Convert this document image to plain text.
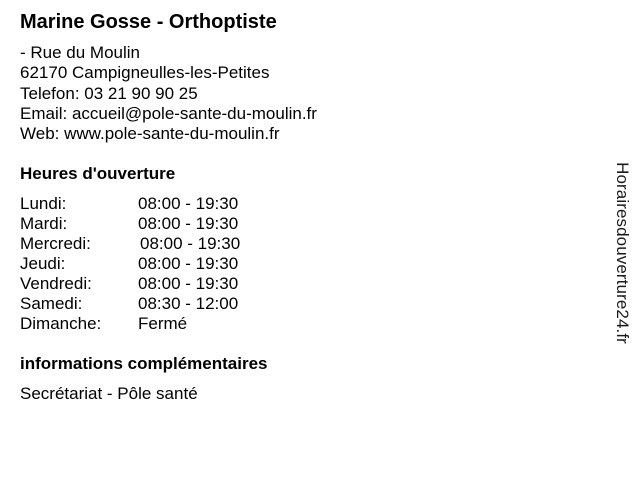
Marine Gosse - Orthoptiste
- Rue du Moulin
62170 Campigneulles-les-Petites
Telefon: 03 21 90 90 25
Email: accueil@pole-sante-du-moulin.fr
Web: www.pole-sante-du-moulin.fr
Heures d'ouverture
Lundi:	08:00 - 19:30
Mardi:	08:00 - 19:30
Mercredi:	08:00 - 19:30
Jeudi:	08:00 - 19:30
Vendredi:	08:00 - 19:30
Samedi:	08:30 - 12:00
Dimanche: Fermé
informations complémentaires
Secrétariat - Pôle santé
Horairesdouverture24.fr
